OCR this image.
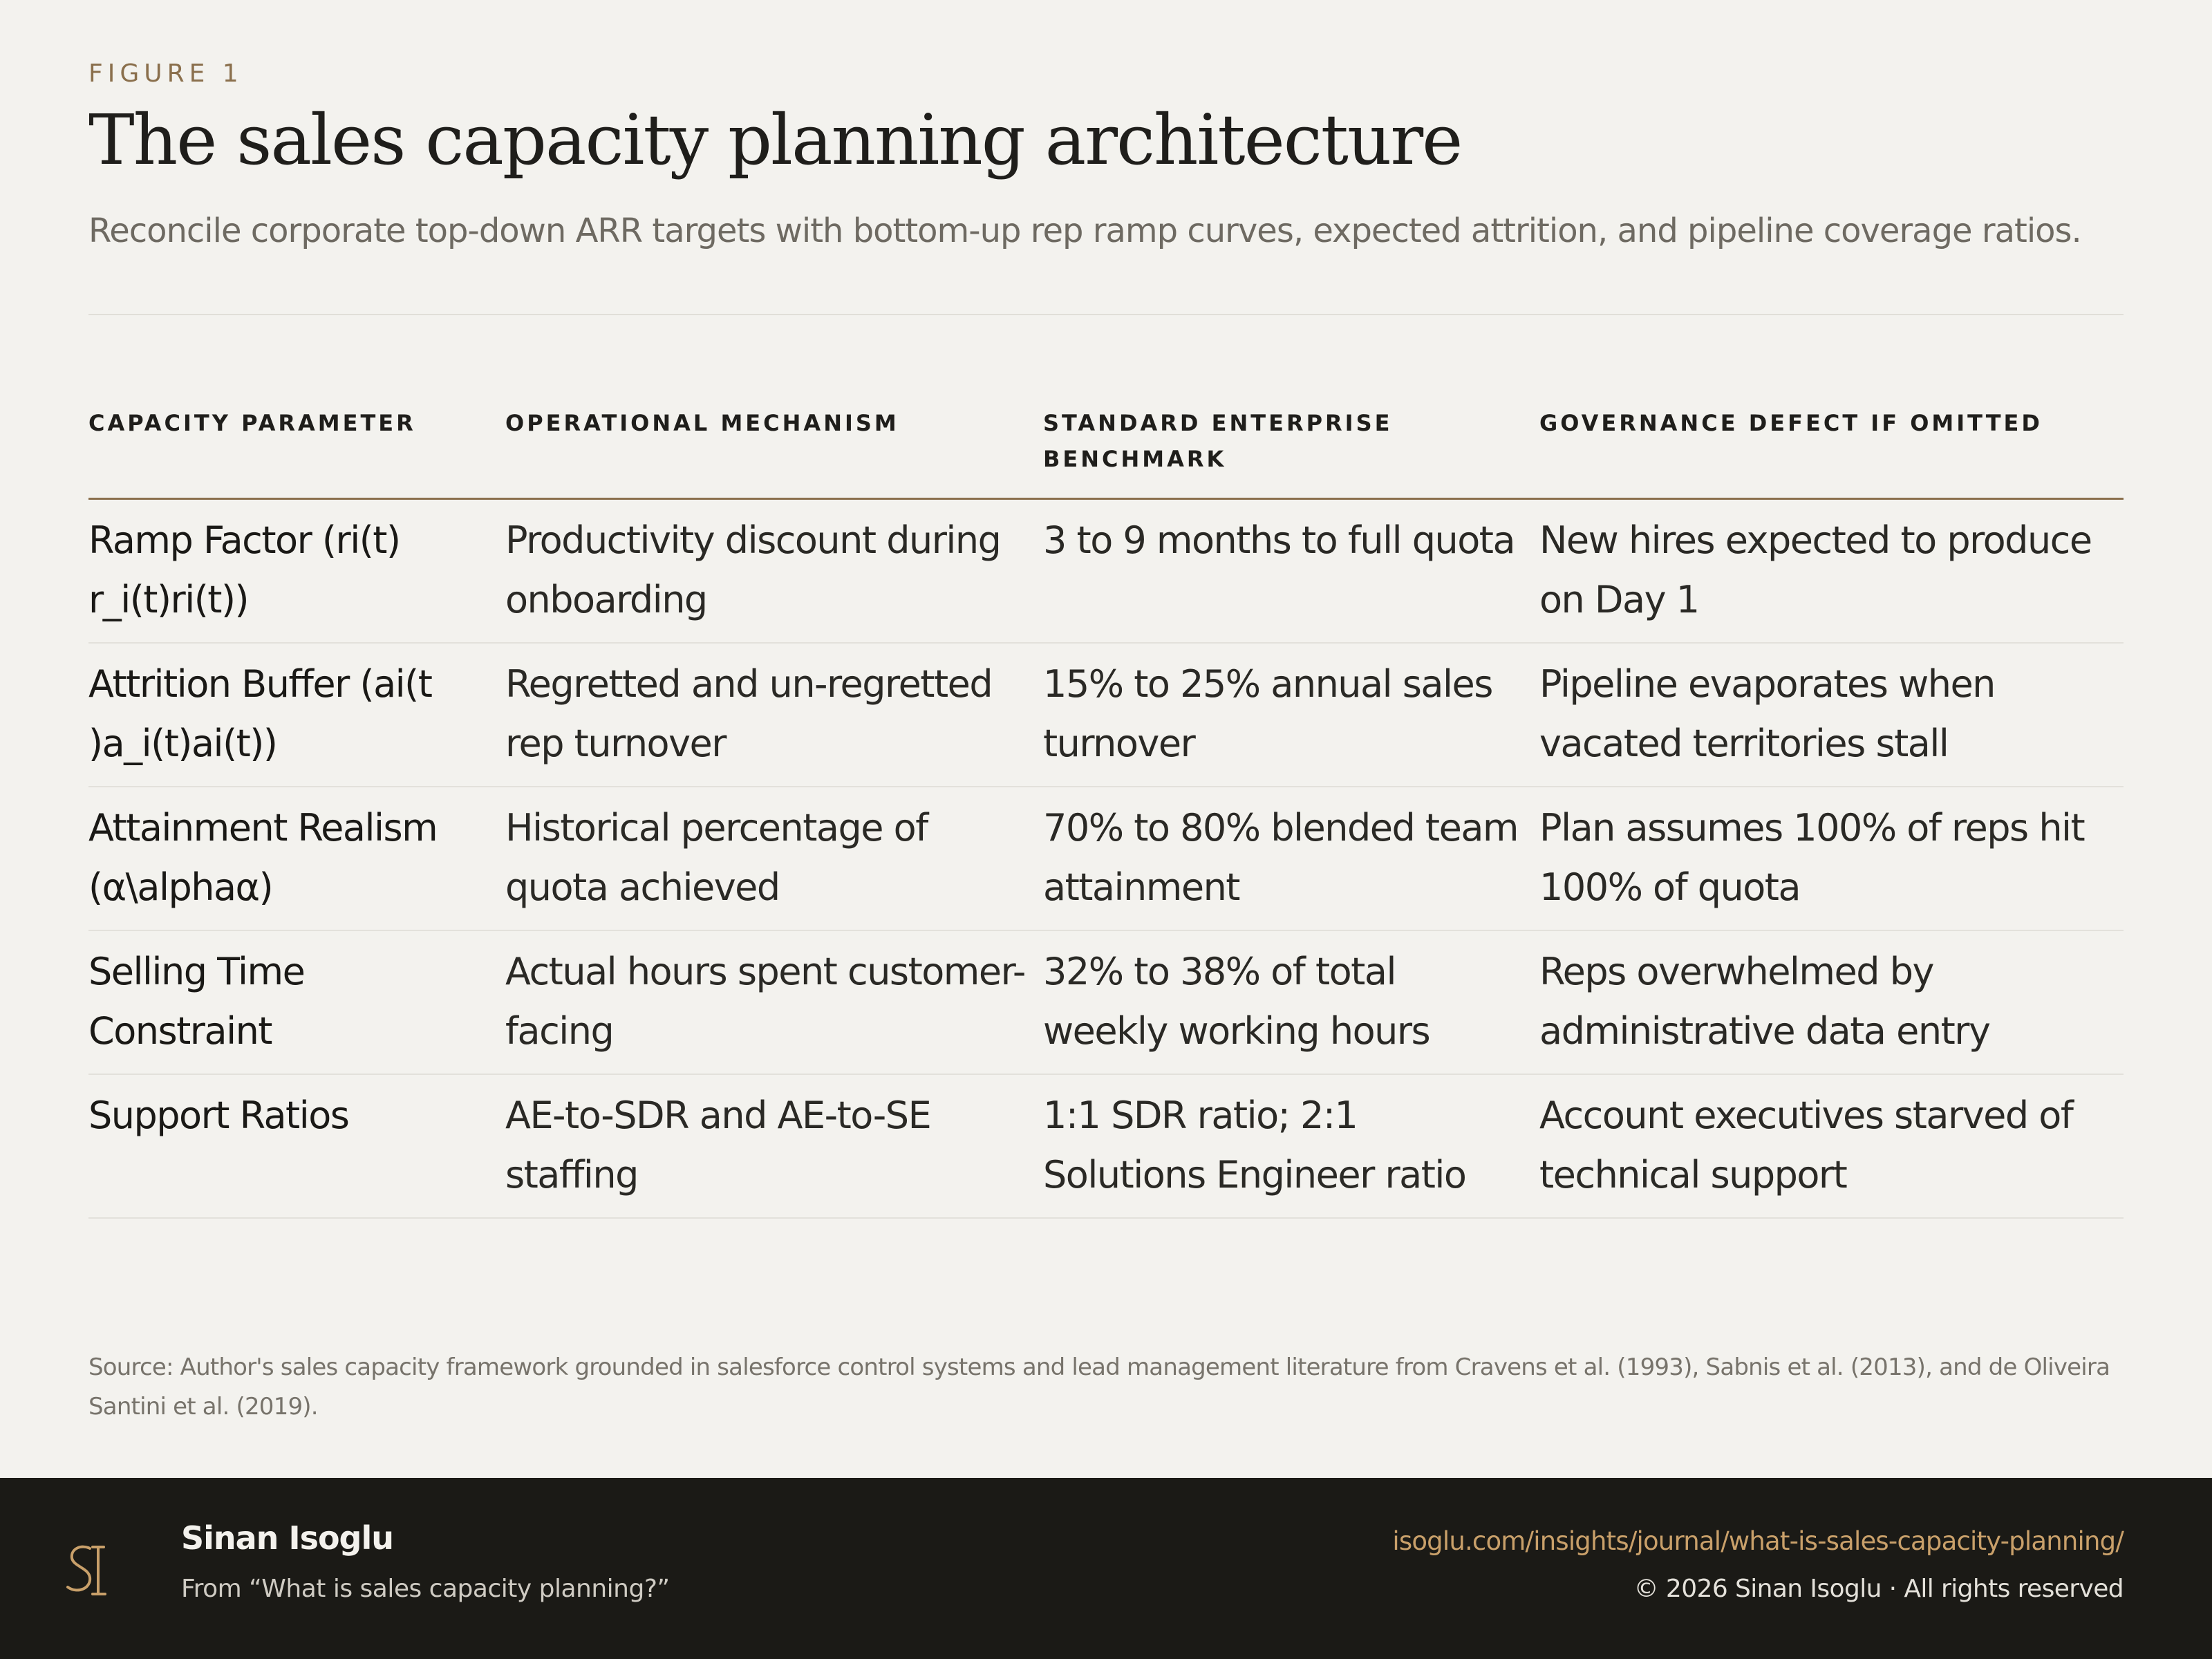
FIGURE 1
The sales capacity planning architecture
Reconcile corporate top-down ARR targets with bottom-up rep ramp curves, expected attrition, and pipeline coverage ratios.
CAPACITY PARAMETER	OPERATIONAL MECHANISM	STANDARD ENTERPRISE BENCHMARK	GOVERNANCE DEFECT IF OMITTED
Ramp Factor (ri(t) r_i(t)ri(t))	Productivity discount during onboarding	3 to 9 months to full quota	New hires expected to produce on Day 1
Attrition Buffer (ai(t )a_i(t)ai(t))	Regretted and un-regretted rep turnover	15% to 25% annual sales turnover	Pipeline evaporates when vacated territories stall
Attainment Realism (α\alphaα)	Historical percentage of quota achieved	70% to 80% blended team attainment	Plan assumes 100% of reps hit 100% of quota
Selling Time Constraint	Actual hours spent customer-facing	32% to 38% of total weekly working hours	Reps overwhelmed by administrative data entry
Support Ratios	AE-to-SDR and AE-to-SE staffing	1:1 SDR ratio; 2:1 Solutions Engineer ratio	Account executives starved of technical support
Source: Author's sales capacity framework grounded in salesforce control systems and lead management literature from Cravens et al. (1993), Sabnis et al. (2013), and de Oliveira Santini et al. (2019).
Sinan Isoglu
From “What is sales capacity planning?”
isoglu.com/insights/journal/what-is-sales-capacity-planning/
© 2026 Sinan Isoglu · All rights reserved
